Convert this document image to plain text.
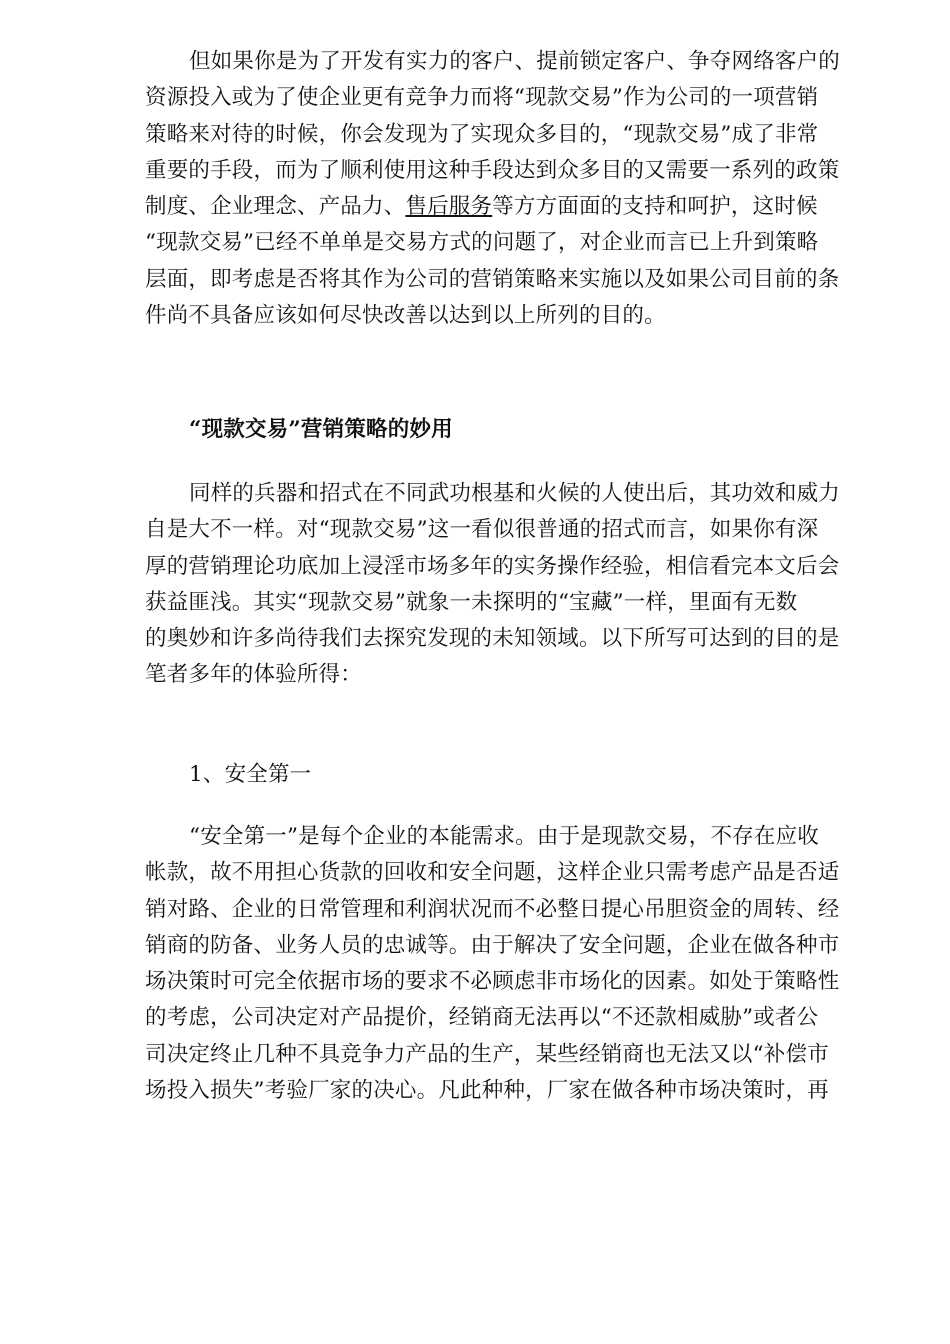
但如果你是为了开发有实力的客户、提前锁定客户、争夺网络客户的
资源投入或为了使企业更有竞争力而将“现款交易”作为公司的一项营销
策略来对待的时候，你会发现为了实现众多目的，“现款交易”成了非常
重要的手段，而为了顺利使用这种手段达到众多目的又需要一系列的政策
制度、企业理念、产品力、售后服务等方方面面的支持和呵护，这时候
“现款交易”已经不单单是交易方式的问题了，对企业而言已上升到策略
层面，即考虑是否将其作为公司的营销策略来实施以及如果公司目前的条
件尚不具备应该如何尽快改善以达到以上所列的目的。
“现款交易”营销策略的妙用
同样的兵器和招式在不同武功根基和火候的人使出后，其功效和威力
自是大不一样。对“现款交易”这一看似很普通的招式而言，如果你有深
厚的营销理论功底加上浸淫市场多年的实务操作经验，相信看完本文后会
获益匪浅。其实“现款交易”就象一未探明的“宝藏”一样，里面有无数
的奥妙和许多尚待我们去探究发现的未知领域。以下所写可达到的目的是
笔者多年的体验所得：
1、安全第一
“安全第一”是每个企业的本能需求。由于是现款交易，不存在应收
帐款，故不用担心货款的回收和安全问题，这样企业只需考虑产品是否适
销对路、企业的日常管理和利润状况而不必整日提心吊胆资金的周转、经
销商的防备、业务人员的忠诚等。由于解决了安全问题，企业在做各种市
场决策时可完全依据市场的要求不必顾虑非市场化的因素。如处于策略性
的考虑，公司决定对产品提价，经销商无法再以“不还款相威胁”或者公
司决定终止几种不具竞争力产品的生产，某些经销商也无法又以“补偿市
场投入损失”考验厂家的决心。凡此种种，厂家在做各种市场决策时，再
